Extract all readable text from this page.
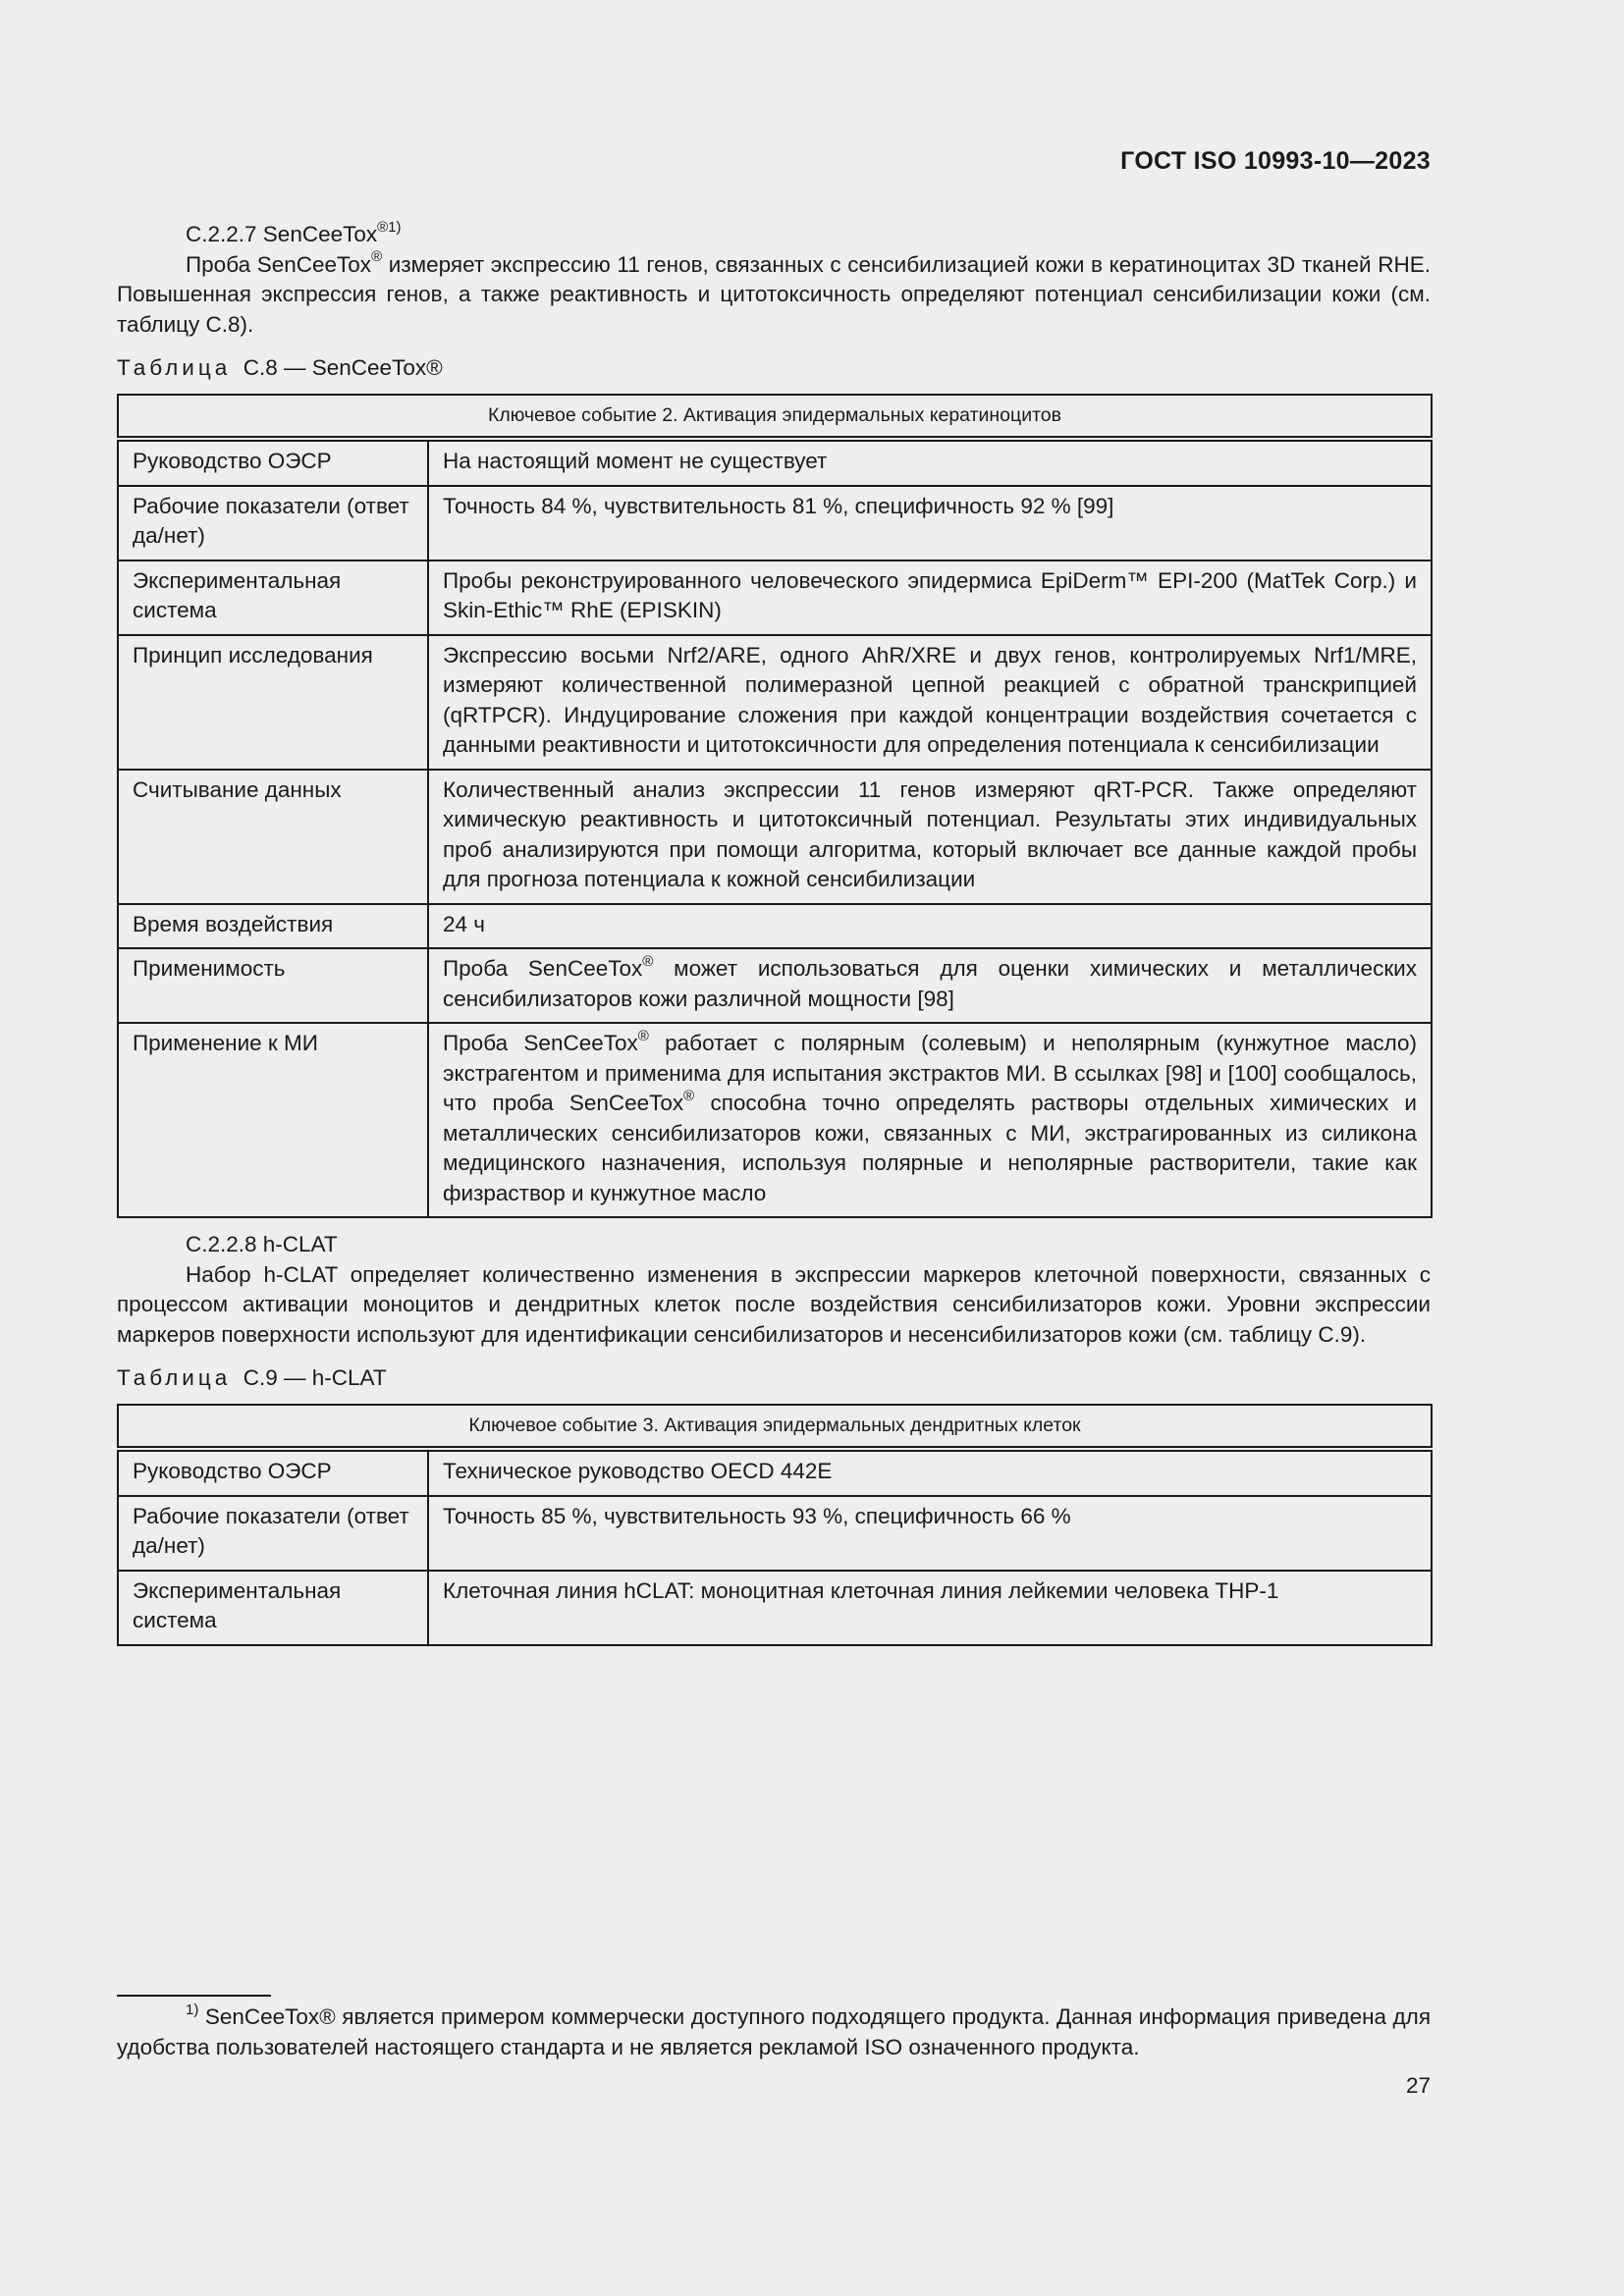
ГОСТ ISO 10993-10—2023

С.2.2.7 SenCeeTox$^{®1)}$

Проба SenCeeTox® измеряет экспрессию 11 генов, связанных с сенсибилизацией кожи в кератиноцитах 3D тканей RHE. Повышенная экспрессия генов, а также реактивность и цитотоксичность определяют потенциал сенсибилизации кожи (см. таблицу С.8).

Таблица С.8 — SenCeeTox®
Ключевое событие 2. Активация эпидермальных кератиноцитов	
Руководство ОЭСР	На настоящий момент не существует
Рабочие показатели (ответ да/нет)	Точность 84 %, чувствительность 81 %, специфичность 92 % [99]
Экспериментальная система	Пробы реконструированного человеческого эпидермиса EpiDerm™ EPI-200 (MatTek Corp.) и Skin-Ethic™ RhE (EPISKIN)
Принцип исследования	Экспрессию восьми Nrf2/ARE, одного AhR/XRE и двух генов, контролируемых Nrf1/MRE, измеряют количественной полимеразной цепной реакцией с обратной транскрипцией (qRTPCR). Индуцирование сложения при каждой концентрации воздействия сочетается с данными реактивности и цитотоксичности для определения потенциала к сенсибилизации
Считывание данных	Количественный анализ экспрессии 11 генов измеряют qRT-PCR. Также определяют химическую реактивность и цитотоксичный потенциал. Результаты этих индивидуальных проб анализируются при помощи алгоритма, который включает все данные каждой пробы для прогноза потенциала к кожной сенсибилизации
Время воздействия	24 ч
Применимость	Проба SenCeeTox® может использоваться для оценки химических и металлических сенсибилизаторов кожи различной мощности [98]
Применение к МИ	Проба SenCeeTox® работает с полярным (солевым) и неполярным (кунжутное масло) экстрагентом и применима для испытания экстрактов МИ. В ссылках [98] и [100] сообщалось, что проба SenCeeTox® способна точно определять растворы отдельных химических и металлических сенсибилизаторов кожи, связанных с МИ, экстрагированных из силикона медицинского назначения, используя полярные и неполярные растворители, такие как физраствор и кунжутное масло

С.2.2.8 h-CLAT

Набор h-CLAT определяет количественно изменения в экспрессии маркеров клеточной поверхности, связанных с процессом активации моноцитов и дендритных клеток после воздействия сенсибилизаторов кожи. Уровни экспрессии маркеров поверхности используют для идентификации сенсибилизаторов и несенсибилизаторов кожи (см. таблицу С.9).

Таблица С.9 — h-CLAT
Ключевое событие 3. Активация эпидермальных дендритных клеток	
Руководство ОЭСР	Техническое руководство OECD 442E
Рабочие показатели (ответ да/нет)	Точность 85 %, чувствительность 93 %, специфичность 66 %
Экспериментальная система	Клеточная линия hCLAT: моноцитная клеточная линия лейкемии человека THP-1
$^{1)}$ SenCeeTox® является примером коммерчески доступного подходящего продукта. Данная информация приведена для удобства пользователей настоящего стандарта и не является рекламой ISO означенного продукта.
27
